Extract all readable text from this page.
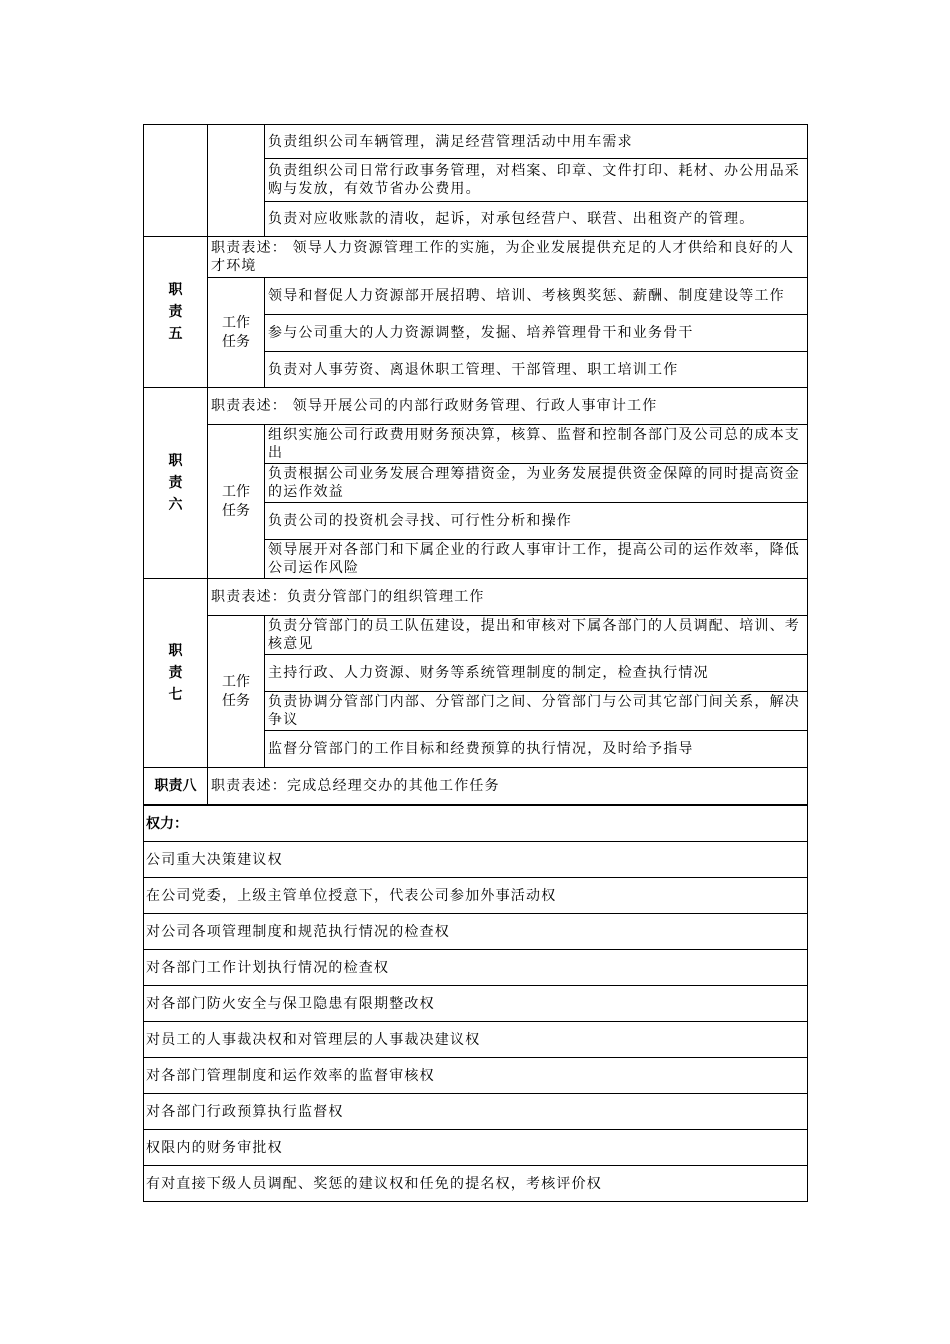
		负责组织公司车辆管理，满足经营管理活动中用车需求
		负责组织公司日常行政事务管理，对档案、印章、文件打印、耗材、办公用品采购与发放，有效节省办公费用。
		负责对应收账款的清收，起诉，对承包经营户、联营、出租资产的管理。
职责五	职责表述： 领导人力资源管理工作的实施，为企业发展提供充足的人才供给和良好的人才环境	
	工作任务	领导和督促人力资源部开展招聘、培训、考核舆奖惩、薪酬、制度建设等工作
		参与公司重大的人力资源调整，发掘、培养管理骨干和业务骨干
		负责对人事劳资、离退休职工管理、干部管理、职工培训工作
职责六	职责表述： 领导开展公司的内部行政财务管理、行政人事审计工作	
	工作任务	组织实施公司行政费用财务预决算，核算、监督和控制各部门及公司总的成本支出
		负责根据公司业务发展合理筹措资金，为业务发展提供资金保障的同时提高资金的运作效益
		负责公司的投资机会寻找、可行性分析和操作
		领导展开对各部门和下属企业的行政人事审计工作，提高公司的运作效率，降低公司运作风险
职责七	职责表述：负责分管部门的组织管理工作	
	工作任务	负责分管部门的员工队伍建设，提出和审核对下属各部门的人员调配、培训、考核意见
		主持行政、人力资源、财务等系统管理制度的制定，检查执行情况
		负责协调分管部门内部、分管部门之间、分管部门与公司其它部门间关系，解决争议
		监督分管部门的工作目标和经费预算的执行情况，及时给予指导
职责八	职责表述：完成总经理交办的其他工作任务	
权力：		
公司重大决策建议权		
在公司党委，上级主管单位授意下，代表公司参加外事活动权		
对公司各项管理制度和规范执行情况的检查权		
对各部门工作计划执行情况的检查权		
对各部门防火安全与保卫隐患有限期整改权		
对员工的人事裁决权和对管理层的人事裁决建议权		
对各部门管理制度和运作效率的监督审核权		
对各部门行政预算执行监督权		
权限内的财务审批权		
有对直接下级人员调配、奖惩的建议权和任免的提名权，考核评价权		
